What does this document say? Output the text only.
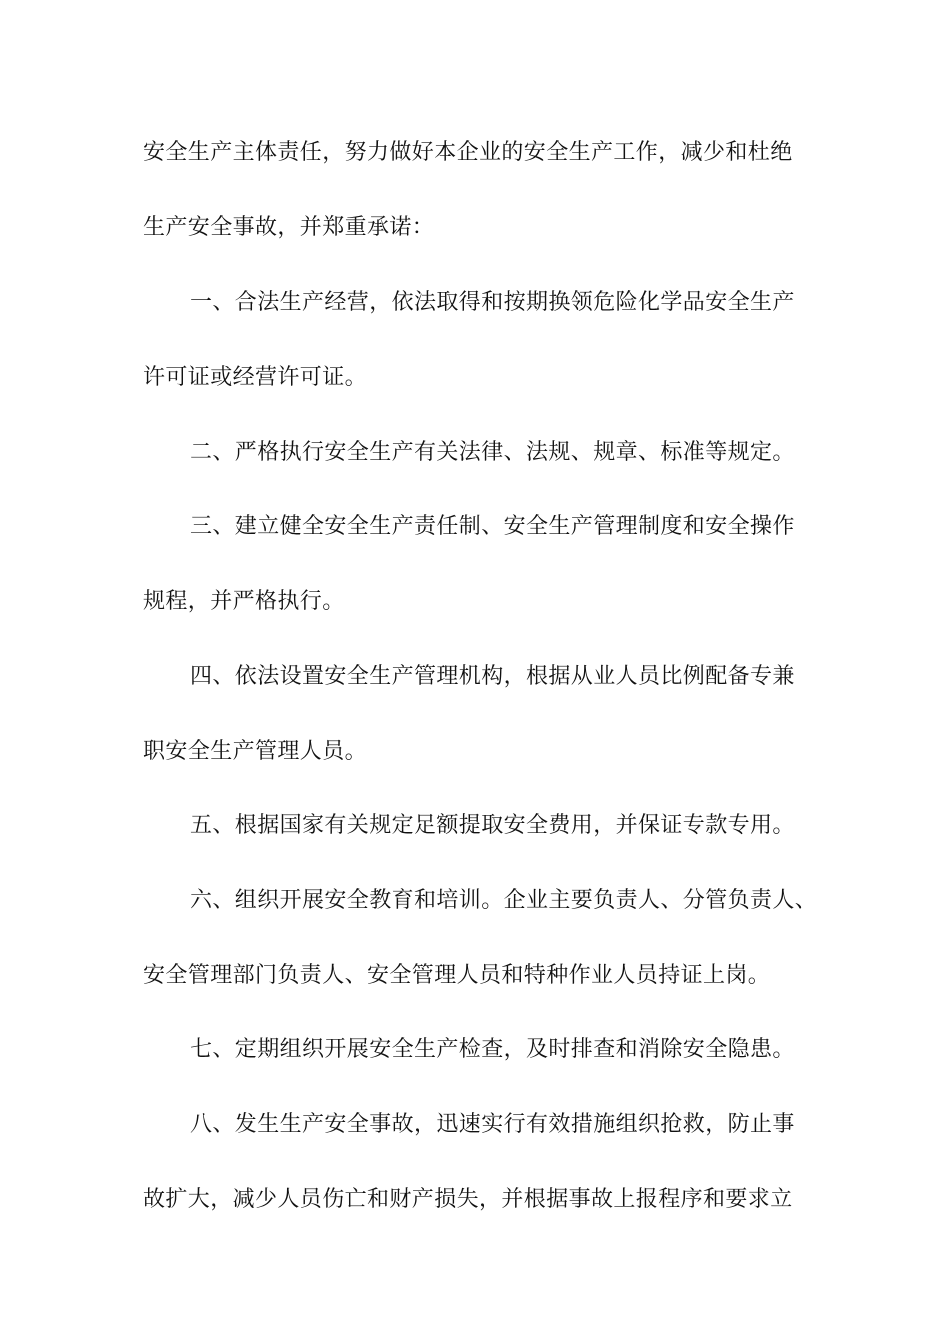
安全生产主体责任，努力做好本企业的安全生产工作，减少和杜绝

生产安全事故，并郑重承诺：

一、合法生产经营，依法取得和按期换领危险化学品安全生产

许可证或经营许可证。

二、严格执行安全生产有关法律、法规、规章、标准等规定。

三、建立健全安全生产责任制、安全生产管理制度和安全操作

规程，并严格执行。

四、依法设置安全生产管理机构，根据从业人员比例配备专兼

职安全生产管理人员。

五、根据国家有关规定足额提取安全费用，并保证专款专用。

六、组织开展安全教育和培训。企业主要负责人、分管负责人、

安全管理部门负责人、安全管理人员和特种作业人员持证上岗。

七、定期组织开展安全生产检查，及时排查和消除安全隐患。

八、发生生产安全事故，迅速实行有效措施组织抢救，防止事

故扩大，减少人员伤亡和财产损失，并根据事故上报程序和要求立
